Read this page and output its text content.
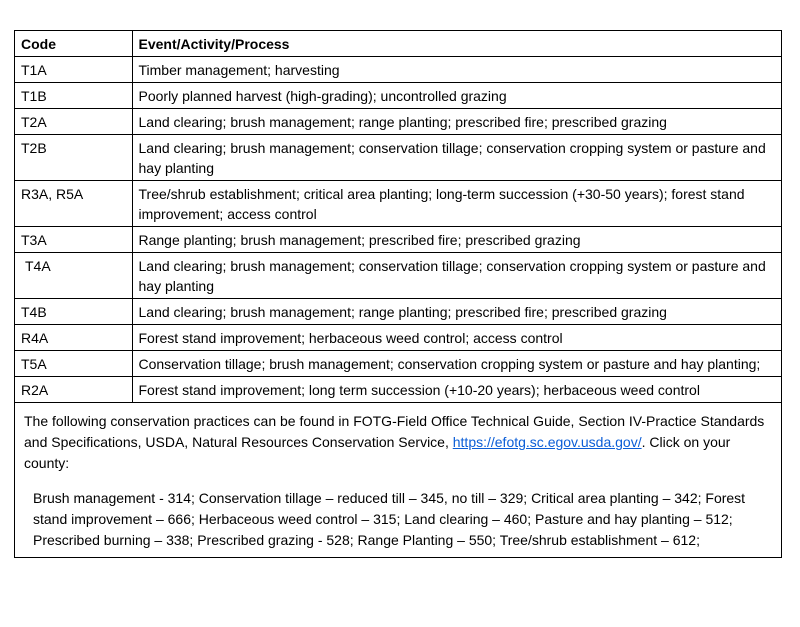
Code	Event/Activity/Process
T1A	Timber management; harvesting
T1B	Poorly planned harvest (high-grading); uncontrolled grazing
T2A	Land clearing; brush management; range planting; prescribed fire; prescribed grazing
T2B	Land clearing; brush management; conservation tillage; conservation cropping system or pasture and hay planting
R3A, R5A	Tree/shrub establishment; critical area planting; long-term succession (+30-50 years); forest stand improvement; access control
T3A	Range planting; brush management; prescribed fire; prescribed grazing
T4A	Land clearing; brush management; conservation tillage; conservation cropping system or pasture and hay planting
T4B	Land clearing; brush management; range planting; prescribed fire; prescribed grazing
R4A	Forest stand improvement; herbaceous weed control; access control
T5A	Conservation tillage; brush management; conservation cropping system or pasture and hay planting;
R2A	Forest stand improvement; long term succession (+10-20 years); herbaceous weed control
The following conservation practices can be found in FOTG-Field Office Technical Guide, Section IV-Practice Standards and Specifications, USDA, Natural Resources Conservation Service, https://efotg.sc.egov.usda.gov/. Click on your county:
Brush management - 314; Conservation tillage – reduced till – 345, no till – 329; Critical area planting – 342; Forest stand improvement – 666; Herbaceous weed control – 315; Land clearing – 460; Pasture and hay planting – 512; Prescribed burning – 338; Prescribed grazing - 528; Range Planting – 550; Tree/shrub establishment – 612;
